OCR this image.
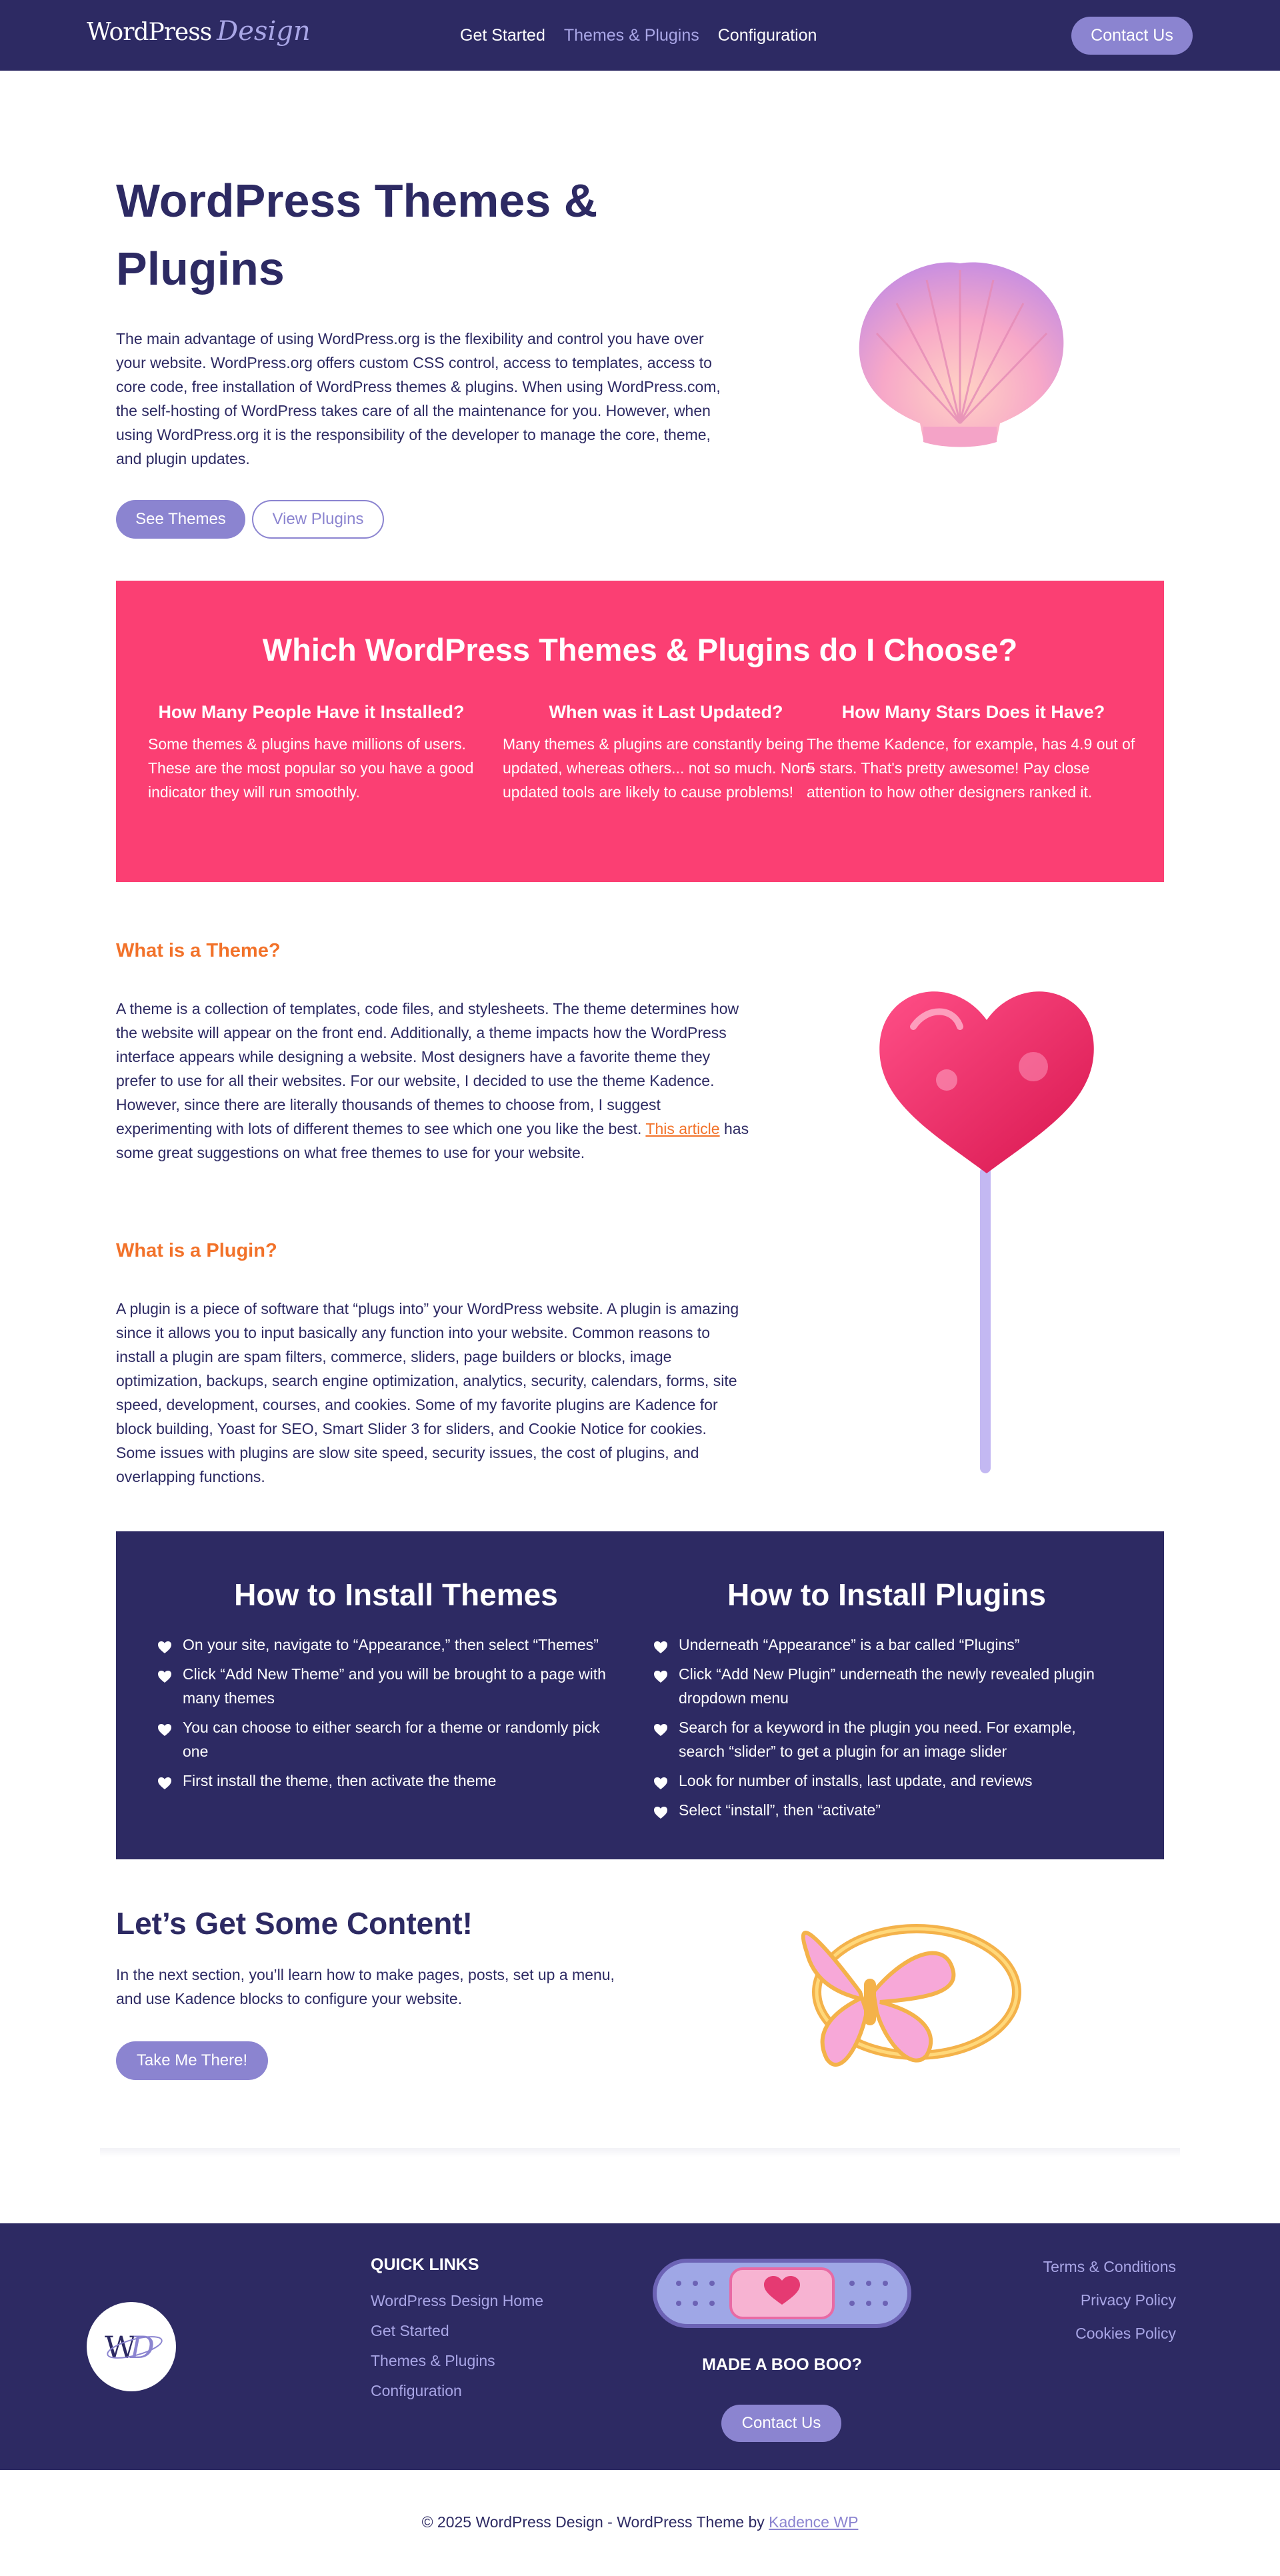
WordPress Design	Get Started Themes & Plugins Configuration	Contact Us
WordPress Themes & Plugins

The main advantage of using WordPress.org is the flexibility and control you have over your website. WordPress.org offers custom CSS control, access to templates, access to core code, free installation of WordPress themes & plugins. When using WordPress.com, the self-hosting of WordPress takes care of all the maintenance for you. However, when using WordPress.org it is the responsibility of the developer to manage the core, theme, and plugin updates.

See Themes	View Plugins
Which WordPress Themes & Plugins do I Choose?
How Many People Have it Installed?

Some themes & plugins have millions of users. These are the most popular so you have a good indicator they will run smoothly.

When was it Last Updated?

Many themes & plugins are constantly being updated, whereas others... not so much. Non-updated tools are likely to cause problems!

How Many Stars Does it Have?

The theme Kadence, for example, has 4.9 out of 5 stars. That's pretty awesome! Pay close attention to how other designers ranked it.

What is a Theme?

A theme is a collection of templates, code files, and stylesheets. The theme determines how the website will appear on the front end. Additionally, a theme impacts how the WordPress interface appears while designing a website. Most designers have a favorite theme they prefer to use for all their websites. For our website, I decided to use the theme Kadence. However, since there are literally thousands of themes to choose from, I suggest experimenting with lots of different themes to see which one you like the best. This article has some great suggestions on what free themes to use for your website.

What is a Plugin?

A plugin is a piece of software that “plugs into” your WordPress website. A plugin is amazing since it allows you to input basically any function into your website. Common reasons to install a plugin are spam filters, commerce, sliders, page builders or blocks, image optimization, backups, search engine optimization, analytics, security, calendars, forms, site speed, development, courses, and cookies. Some of my favorite plugins are Kadence for block building, Yoast for SEO, Smart Slider 3 for sliders, and Cookie Notice for cookies. Some issues with plugins are slow site speed, security issues, the cost of plugins, and overlapping functions.

How to Install Themes
On your site, navigate to “Appearance,” then select “Themes”
Click “Add New Theme” and you will be brought to a page with many themes
You can choose to either search for a theme or randomly pick one
First install the theme, then activate the theme
How to Install Plugins
Underneath “Appearance” is a bar called “Plugins”
Click “Add New Plugin” underneath the newly revealed plugin dropdown menu
Search for a keyword in the plugin you need. For example, search “slider” to get a plugin for an image slider
Look for number of installs, last update, and reviews
Select “install”, then “activate”
Let’s Get Some Content!

In the next section, you’ll learn how to make pages, posts, set up a menu, and use Kadence blocks to configure your website.

Take Me There!
W
D
QUICK LINKS
WordPress Design Home
Get Started
Themes & Plugins
Configuration
MADE A BOO BOO?
Contact Us
Terms & Conditions
Privacy Policy
Cookies Policy
© 2025 WordPress Design - WordPress Theme by Kadence WP
